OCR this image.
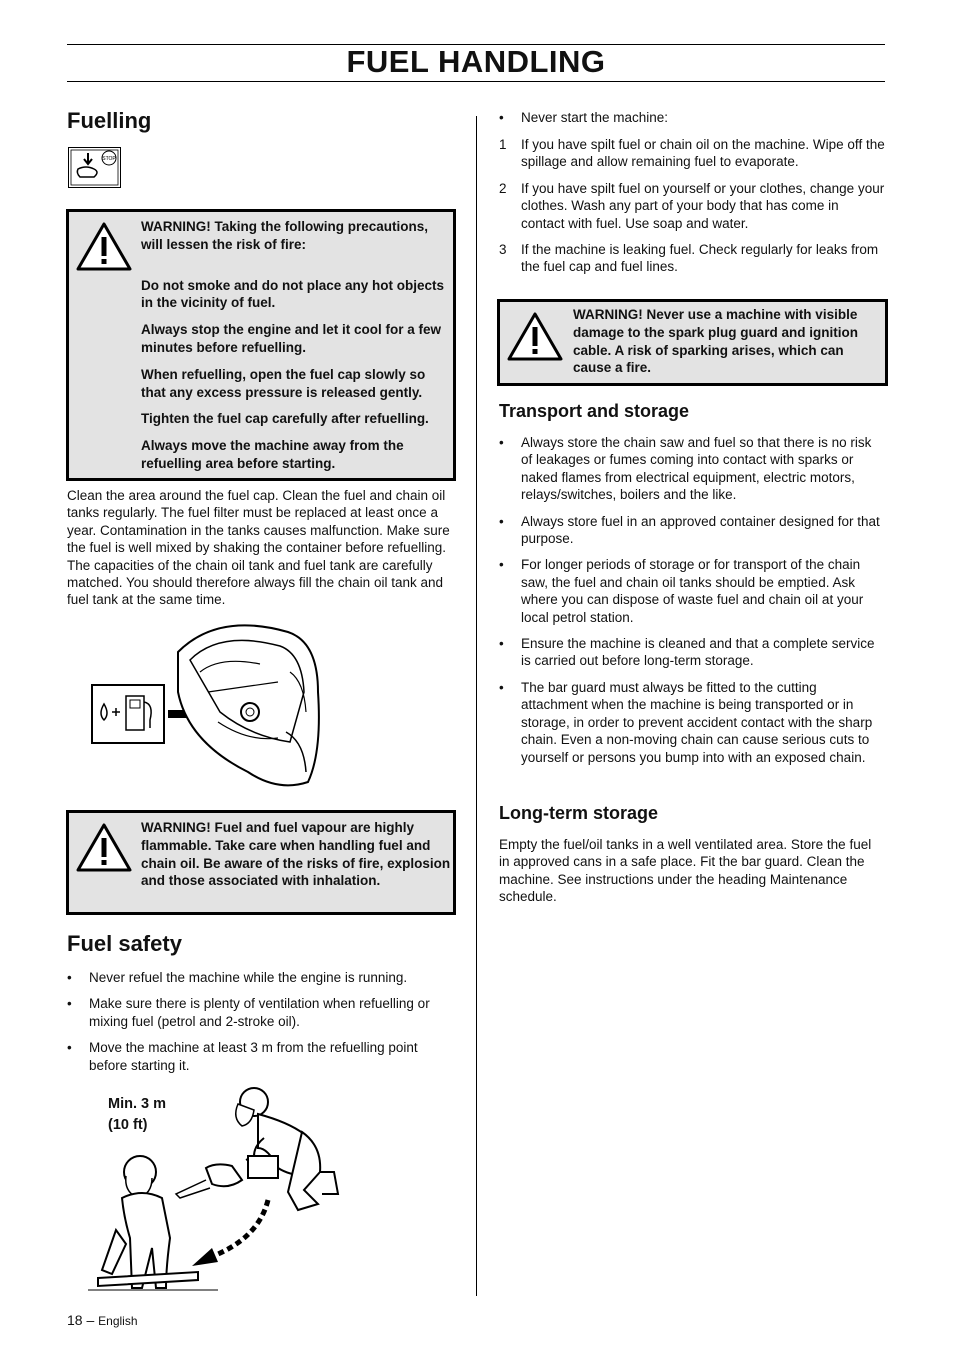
FUEL HANDLING
Fuelling
STOP

WARNING! Taking the following precautions, will lessen the risk of fire:

Do not smoke and do not place any hot objects in the vicinity of fuel.

Always stop the engine and let it cool for a few minutes before refuelling.

When refuelling, open the fuel cap slowly so that any excess pressure is released gently.

Tighten the fuel cap carefully after refuelling.

Always move the machine away from the refuelling area before starting.

Clean the area around the fuel cap. Clean the fuel and chain oil tanks regularly. The fuel filter must be replaced at least once a year. Contamination in the tanks causes malfunction. Make sure the fuel is well mixed by shaking the container before refuelling. The capacities of the chain oil tank and fuel tank are carefully matched. You should therefore always fill the chain oil tank and fuel tank at the same time.

WARNING! Fuel and fuel vapour are highly flammable. Take care when handling fuel and chain oil. Be aware of the risks of fire, explosion and those associated with inhalation.
Fuel safety
• Never refuel the machine while the engine is running.
• Make sure there is plenty of ventilation when refuelling or mixing fuel (petrol and 2-stroke oil).
• Move the machine at least 3 m from the refuelling point before starting it.
Min. 3 m
(10 ft)
18 – English
• Never start the machine:
1 If you have spilt fuel or chain oil on the machine. Wipe off the spillage and allow remaining fuel to evaporate.
2 If you have spilt fuel on yourself or your clothes, change your clothes. Wash any part of your body that has come in contact with fuel. Use soap and water.
3 If the machine is leaking fuel. Check regularly for leaks from the fuel cap and fuel lines.
WARNING! Never use a machine with visible damage to the spark plug guard and ignition cable. A risk of sparking arises, which can cause a fire.
Transport and storage
• Always store the chain saw and fuel so that there is no risk of leakages or fumes coming into contact with sparks or naked flames from electrical equipment, electric motors, relays/switches, boilers and the like.
• Always store fuel in an approved container designed for that purpose.
• For longer periods of storage or for transport of the chain saw, the fuel and chain oil tanks should be emptied. Ask where you can dispose of waste fuel and chain oil at your local petrol station.
• Ensure the machine is cleaned and that a complete service is carried out before long-term storage.
• The bar guard must always be fitted to the cutting attachment when the machine is being transported or in storage, in order to prevent accident contact with the sharp chain. Even a non-moving chain can cause serious cuts to yourself or persons you bump into with an exposed chain.
Long-term storage

Empty the fuel/oil tanks in a well ventilated area. Store the fuel in approved cans in a safe place. Fit the bar guard. Clean the machine. See instructions under the heading Maintenance schedule.
